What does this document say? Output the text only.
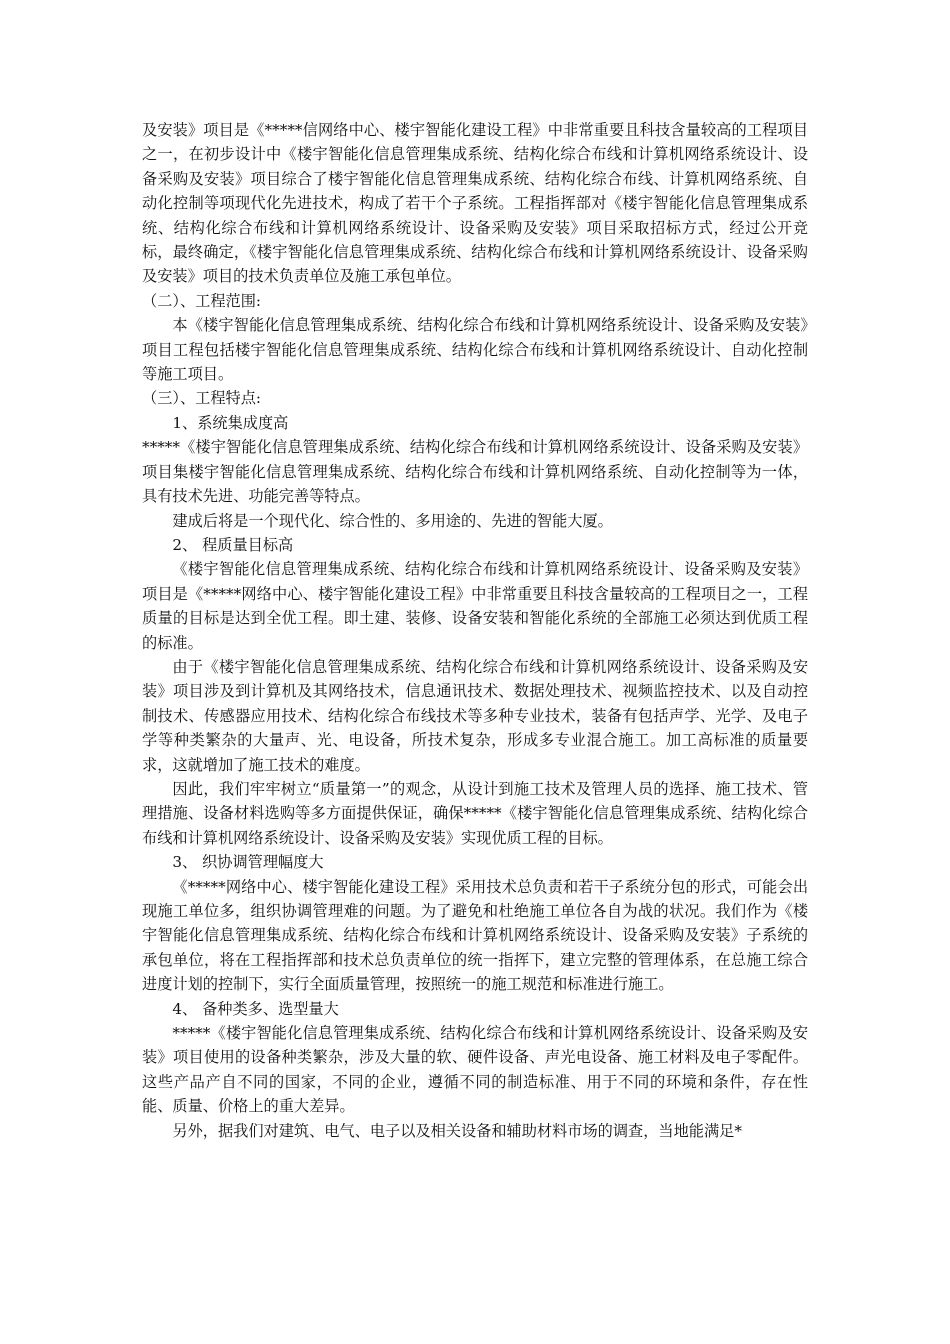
及安装》项目是《*****信网络中心、楼宇智能化建设工程》中非常重要且科技含量较高的工程项目之一，在初步设计中《楼宇智能化信息管理集成系统、结构化综合布线和计算机网络系统设计、设备采购及安装》项目综合了楼宇智能化信息管理集成系统、结构化综合布线、计算机网络系统、自动化控制等项现代化先进技术，构成了若干个子系统。工程指挥部对《楼宇智能化信息管理集成系统、结构化综合布线和计算机网络系统设计、设备采购及安装》项目采取招标方式，经过公开竞标，最终确定，《楼宇智能化信息管理集成系统、结构化综合布线和计算机网络系统设计、设备采购及安装》项目的技术负责单位及施工承包单位。

（二）、工程范围:

本《楼宇智能化信息管理集成系统、结构化综合布线和计算机网络系统设计、设备采购及安装》项目工程包括楼宇智能化信息管理集成系统、结构化综合布线和计算机网络系统设计、自动化控制等施工项目。

（三）、工程特点:

1、系统集成度高

*****《楼宇智能化信息管理集成系统、结构化综合布线和计算机网络系统设计、设备采购及安装》项目集楼宇智能化信息管理集成系统、结构化综合布线和计算机网络系统、自动化控制等为一体，具有技术先进、功能完善等特点。

建成后将是一个现代化、综合性的、多用途的、先进的智能大厦。

2、 程质量目标高

《楼宇智能化信息管理集成系统、结构化综合布线和计算机网络系统设计、设备采购及安装》项目是《*****网络中心、楼宇智能化建设工程》中非常重要且科技含量较高的工程项目之一，工程质量的目标是达到全优工程。即土建、装修、设备安装和智能化系统的全部施工必须达到优质工程的标准。

由于《楼宇智能化信息管理集成系统、结构化综合布线和计算机网络系统设计、设备采购及安装》项目涉及到计算机及其网络技术，信息通讯技术、数据处理技术、视频监控技术、以及自动控制技术、传感器应用技术、结构化综合布线技术等多种专业技术，装备有包括声学、光学、及电子学等种类繁杂的大量声、光、电设备，所技术复杂，形成多专业混合施工。加工高标准的质量要求，这就增加了施工技术的难度。

因此，我们牢牢树立“质量第一”的观念，从设计到施工技术及管理人员的选择、施工技术、管理措施、设备材料选购等多方面提供保证，确保*****《楼宇智能化信息管理集成系统、结构化综合布线和计算机网络系统设计、设备采购及安装》实现优质工程的目标。

3、 织协调管理幅度大

《*****网络中心、楼宇智能化建设工程》采用技术总负责和若干子系统分包的形式，可能会出现施工单位多，组织协调管理难的问题。为了避免和杜绝施工单位各自为战的状况。我们作为《楼宇智能化信息管理集成系统、结构化综合布线和计算机网络系统设计、设备采购及安装》子系统的承包单位，将在工程指挥部和技术总负责单位的统一指挥下，建立完整的管理体系，在总施工综合进度计划的控制下，实行全面质量管理，按照统一的施工规范和标准进行施工。

4、 备种类多、选型量大

*****《楼宇智能化信息管理集成系统、结构化综合布线和计算机网络系统设计、设备采购及安装》项目使用的设备种类繁杂，涉及大量的软、硬件设备、声光电设备、施工材料及电子零配件。这些产品产自不同的国家，不同的企业，遵循不同的制造标准、用于不同的环境和条件，存在性能、质量、价格上的重大差异。

另外，据我们对建筑、电气、电子以及相关设备和辅助材料市场的调查，当地能满足*
